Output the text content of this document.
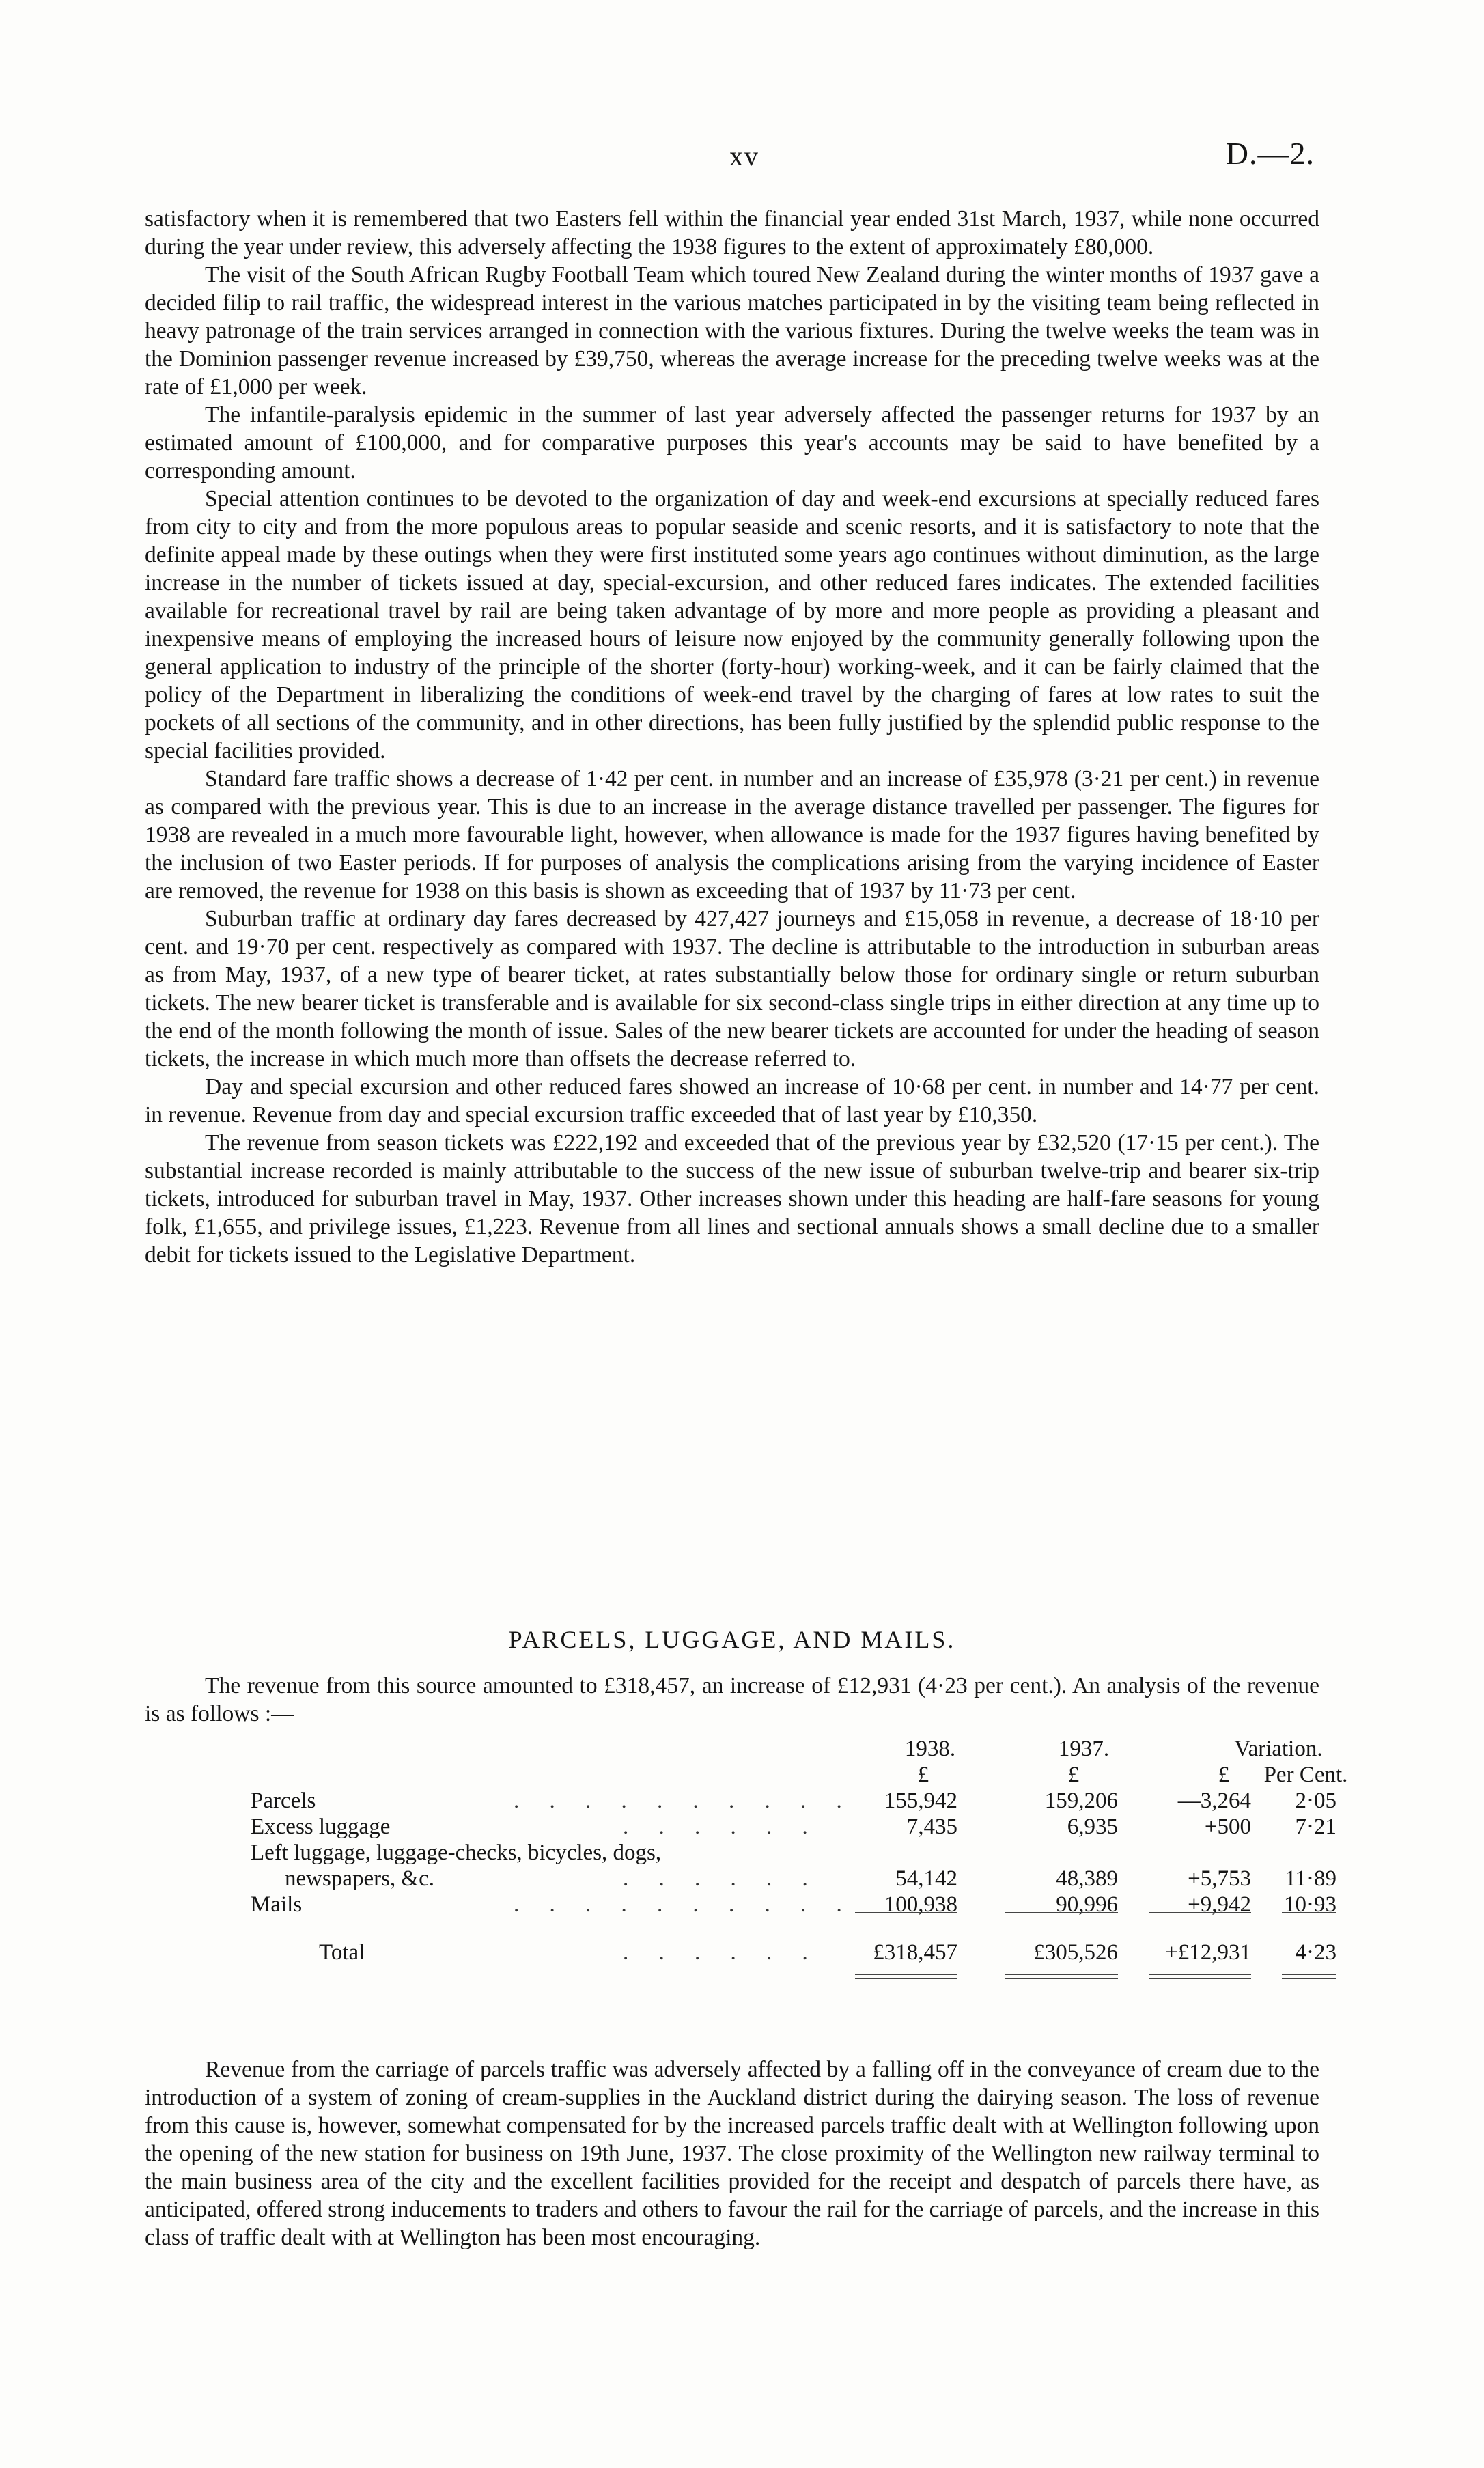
xv	D.—2.

satisfactory when it is remembered that two Easters fell within the financial year ended 31st March, 1937, while none occurred during the year under review, this adversely affecting the 1938 figures to the extent of approximately £80,000.

The visit of the South African Rugby Football Team which toured New Zealand during the winter months of 1937 gave a decided filip to rail traffic, the widespread interest in the various matches participated in by the visiting team being reflected in heavy patronage of the train services arranged in connection with the various fixtures. During the twelve weeks the team was in the Dominion passenger revenue increased by £39,750, whereas the average increase for the preceding twelve weeks was at the rate of £1,000 per week.

The infantile-paralysis epidemic in the summer of last year adversely affected the passenger returns for 1937 by an estimated amount of £100,000, and for comparative purposes this year's accounts may be said to have benefited by a corresponding amount.

Special attention continues to be devoted to the organization of day and week-end excursions at specially reduced fares from city to city and from the more populous areas to popular seaside and scenic resorts, and it is satisfactory to note that the definite appeal made by these outings when they were first instituted some years ago continues without diminution, as the large increase in the number of tickets issued at day, special-excursion, and other reduced fares indicates. The extended facilities available for recreational travel by rail are being taken advantage of by more and more people as providing a pleasant and inexpensive means of employing the increased hours of leisure now enjoyed by the community generally following upon the general application to industry of the principle of the shorter (forty-hour) working-week, and it can be fairly claimed that the policy of the Department in liberalizing the conditions of week-end travel by the charging of fares at low rates to suit the pockets of all sections of the community, and in other directions, has been fully justified by the splendid public response to the special facilities provided.

Standard fare traffic shows a decrease of 1·42 per cent. in number and an increase of £35,978 (3·21 per cent.) in revenue as compared with the previous year. This is due to an increase in the average distance travelled per passenger. The figures for 1938 are revealed in a much more favourable light, however, when allowance is made for the 1937 figures having benefited by the inclusion of two Easter periods. If for purposes of analysis the complications arising from the varying incidence of Easter are removed, the revenue for 1938 on this basis is shown as exceeding that of 1937 by 11·73 per cent.

Suburban traffic at ordinary day fares decreased by 427,427 journeys and £15,058 in revenue, a decrease of 18·10 per cent. and 19·70 per cent. respectively as compared with 1937. The decline is attributable to the introduction in suburban areas as from May, 1937, of a new type of bearer ticket, at rates substantially below those for ordinary single or return suburban tickets. The new bearer ticket is transferable and is available for six second-class single trips in either direction at any time up to the end of the month following the month of issue. Sales of the new bearer tickets are accounted for under the heading of season tickets, the increase in which much more than offsets the decrease referred to.

Day and special excursion and other reduced fares showed an increase of 10·68 per cent. in number and 14·77 per cent. in revenue. Revenue from day and special excursion traffic exceeded that of last year by £10,350.

The revenue from season tickets was £222,192 and exceeded that of the previous year by £32,520 (17·15 per cent.). The substantial increase recorded is mainly attributable to the success of the new issue of suburban twelve-trip and bearer six-trip tickets, introduced for suburban travel in May, 1937. Other increases shown under this heading are half-fare seasons for young folk, £1,655, and privilege issues, £1,223. Revenue from all lines and sectional annuals shows a small decline due to a smaller debit for tickets issued to the Legislative Department.

PARCELS, LUGGAGE, AND MAILS.

The revenue from this source amounted to £318,457, an increase of £12,931 (4·23 per cent.). An analysis of the revenue is as follows :—

1938.	1937.	Variation.
£	£	£	Per Cent.
Parcels	. . . . . . . . . .	155,942	159,206	—3,264	2·05
Excess luggage	. . . . . .	7,435	6,935	+500	7·21
Left luggage, luggage-checks, bicycles, dogs,
newspapers, &c.	. . . . . .	54,142	48,389	+5,753	11·89
Mails	. . . . . . . . . .	100,938	90,996	+9,942	10·93
Total	. . . . . .	£318,457	£305,526	+£12,931	4·23

Revenue from the carriage of parcels traffic was adversely affected by a falling off in the conveyance of cream due to the introduction of a system of zoning of cream-supplies in the Auckland district during the dairying season. The loss of revenue from this cause is, however, somewhat compensated for by the increased parcels traffic dealt with at Wellington following upon the opening of the new station for business on 19th June, 1937. The close proximity of the Wellington new railway terminal to the main business area of the city and the excellent facilities provided for the receipt and despatch of parcels there have, as anticipated, offered strong inducements to traders and others to favour the rail for the carriage of parcels, and the increase in this class of traffic dealt with at Wellington has been most encouraging.
